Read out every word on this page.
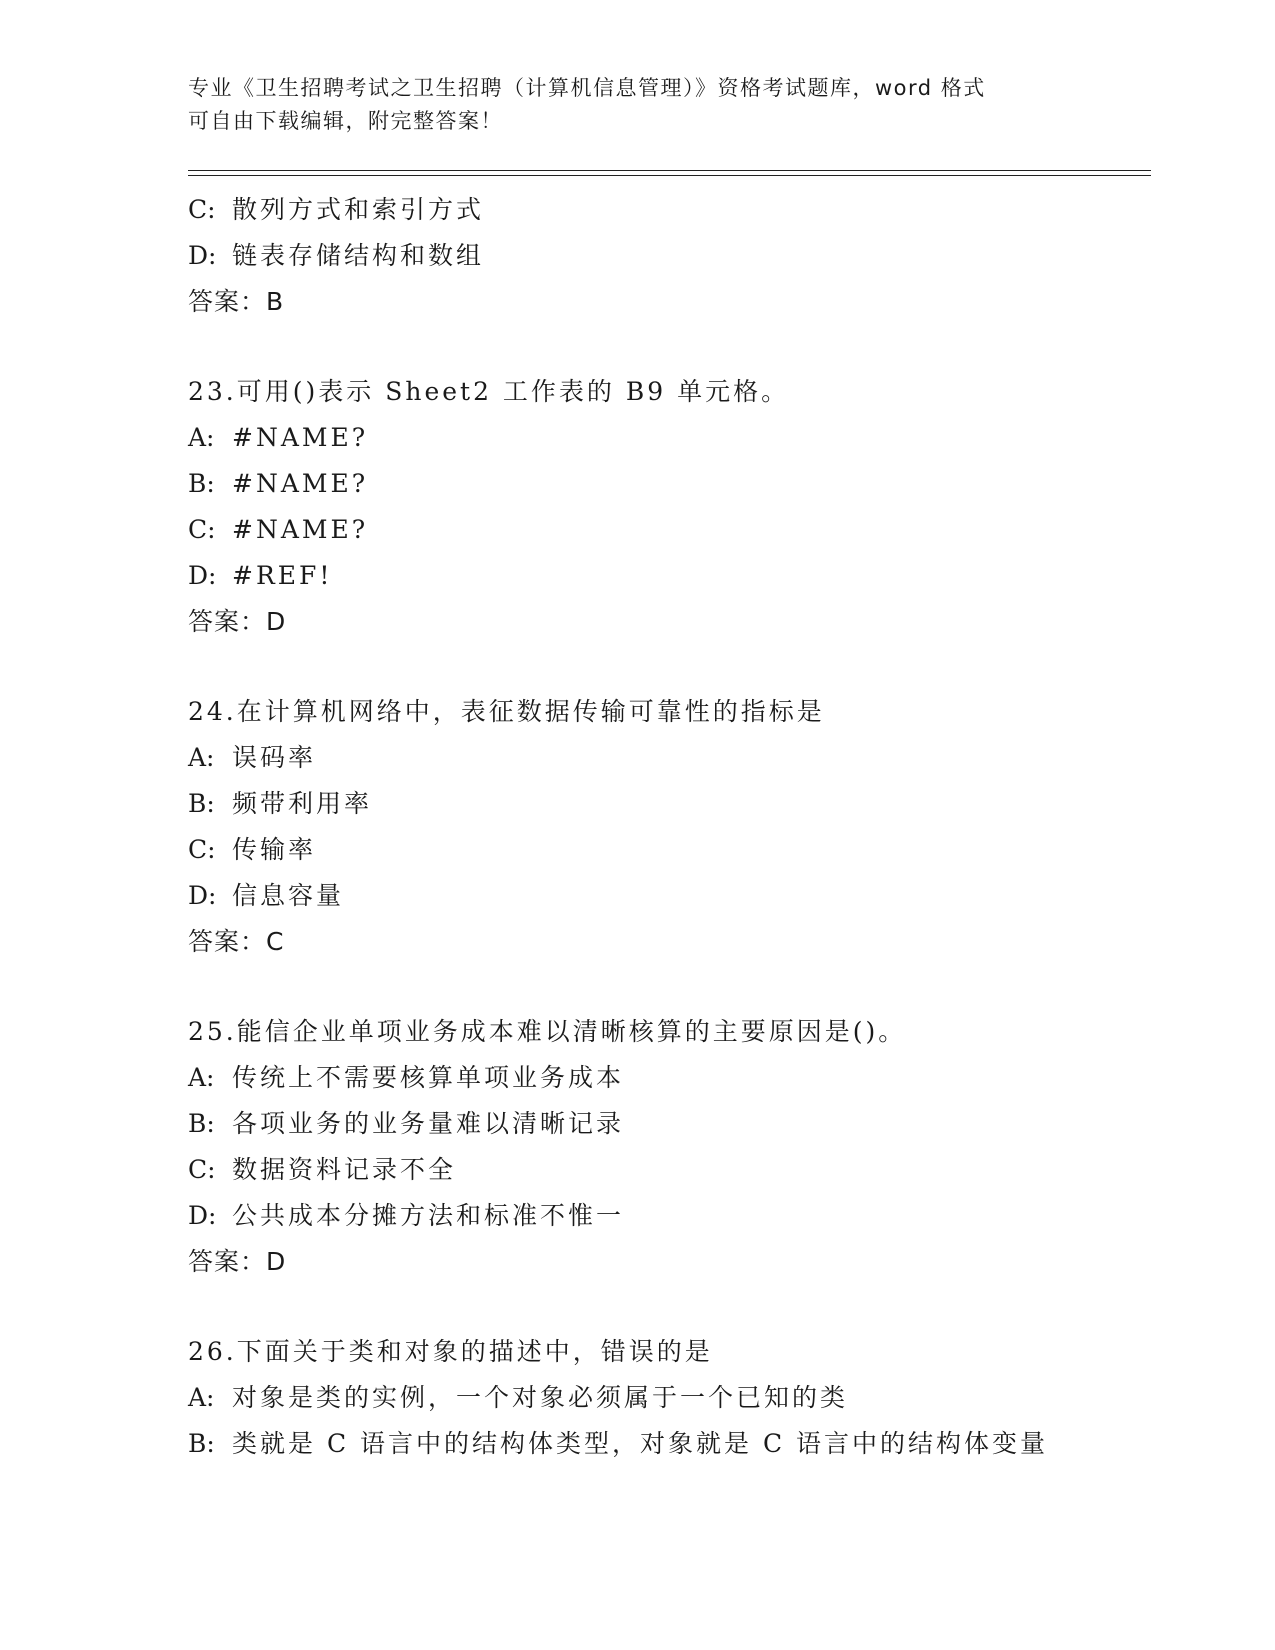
专业《卫生招聘考试之卫生招聘（计算机信息管理）》资格考试题库，word 格式
可自由下载编辑，附完整答案！
C: 散列方式和索引方式
D: 链表存储结构和数组
答案：B
23.可用()表示 Sheet2 工作表的 B9 单元格。
A: #NAME?
B: #NAME?
C: #NAME?
D: #REF!
答案：D
24.在计算机网络中，表征数据传输可靠性的指标是
A: 误码率
B: 频带利用率
C: 传输率
D: 信息容量
答案：C
25.能信企业单项业务成本难以清晰核算的主要原因是()。
A: 传统上不需要核算单项业务成本
B: 各项业务的业务量难以清晰记录
C: 数据资料记录不全
D: 公共成本分摊方法和标准不惟一
答案：D
26.下面关于类和对象的描述中，错误的是
A: 对象是类的实例，一个对象必须属于一个已知的类
B: 类就是 C 语言中的结构体类型，对象就是 C 语言中的结构体变量
